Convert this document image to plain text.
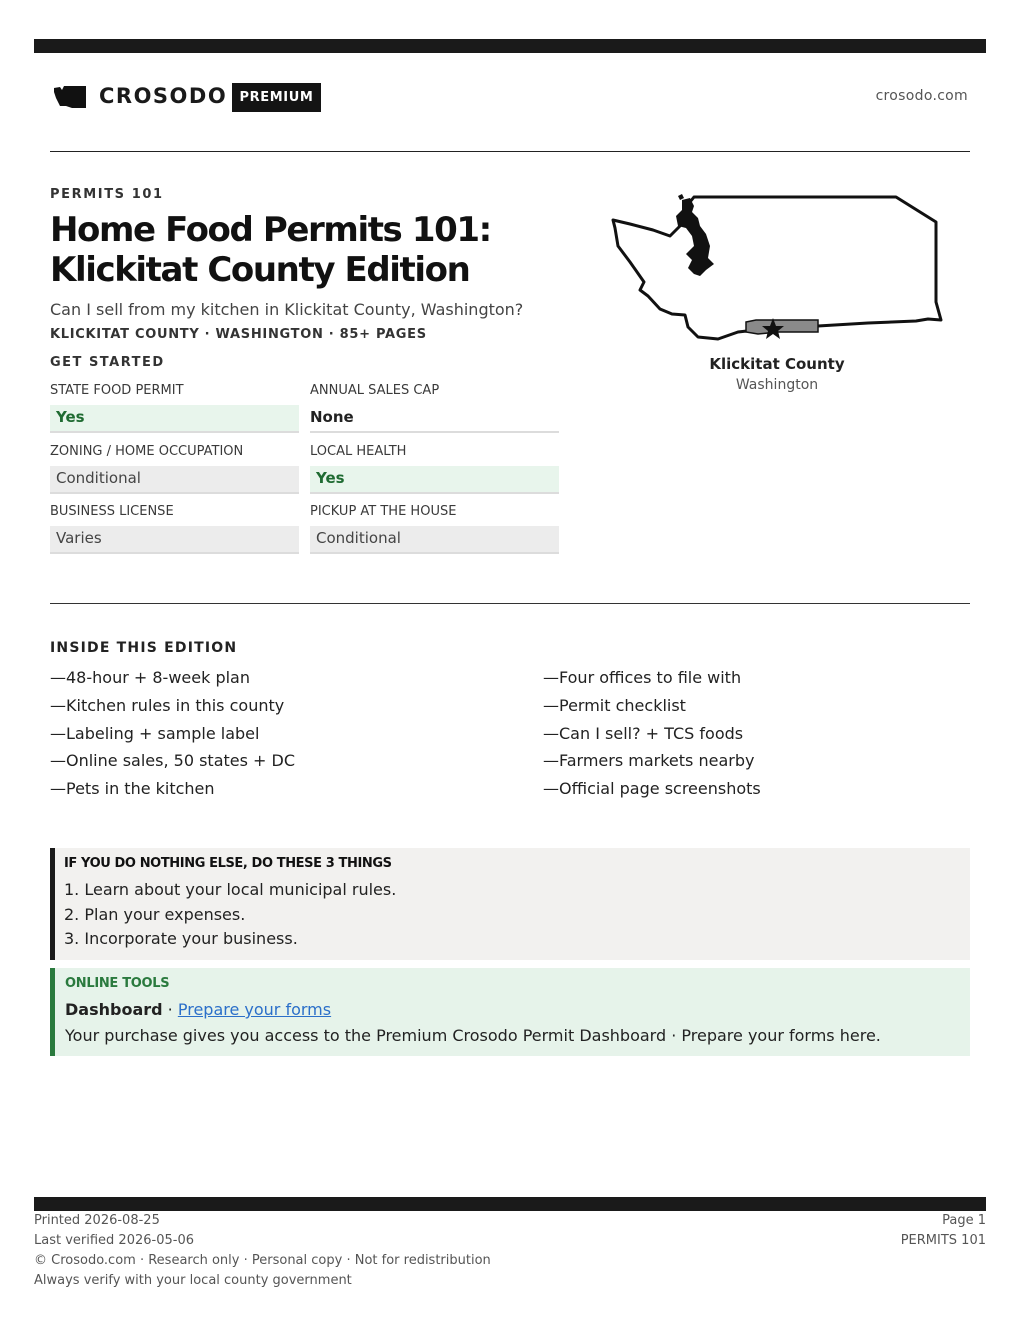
CROSODO PREMIUM	crosodo.com
PERMITS 101
Home Food Permits 101: Klickitat County Edition
Can I sell from my kitchen in Klickitat County, Washington?
KLICKITAT COUNTY · WASHINGTON · 85+ PAGES
GET STARTED
STATE FOOD PERMIT
Yes
ANNUAL SALES CAP
None
ZONING / HOME OCCUPATION
Conditional
LOCAL HEALTH
Yes
BUSINESS LICENSE
Varies
PICKUP AT THE HOUSE
Conditional
Klickitat County
Washington
INSIDE THIS EDITION
—48-hour + 8-week plan
—Kitchen rules in this county
—Labeling + sample label
—Online sales, 50 states + DC
—Pets in the kitchen
—Four offices to file with
—Permit checklist
—Can I sell? + TCS foods
—Farmers markets nearby
—Official page screenshots
IF YOU DO NOTHING ELSE, DO THESE 3 THINGS
1. Learn about your local municipal rules.
2. Plan your expenses.
3. Incorporate your business.
ONLINE TOOLS
Dashboard · Prepare your forms
Your purchase gives you access to the Premium Crosodo Permit Dashboard · Prepare your forms here.
Printed 2026-08-25
Last verified 2026-05-06
© Crosodo.com · Research only · Personal copy · Not for redistribution
Always verify with your local county government
Page 1
PERMITS 101
